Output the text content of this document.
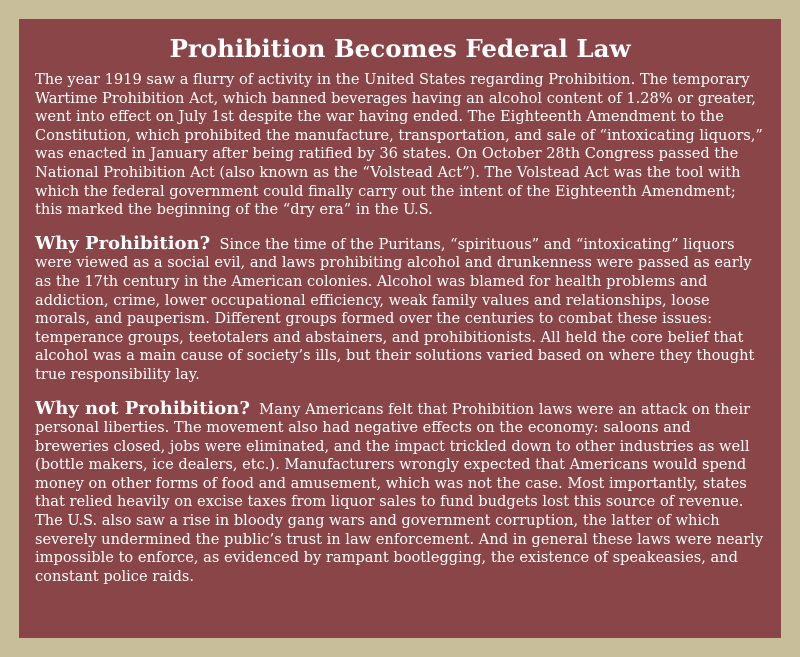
Prohibition Becomes Federal Law

The year 1919 saw a flurry of activity in the United States regarding Prohibition. The temporary Wartime Prohibition Act, which banned beverages having an alcohol content of 1.28% or greater, went into effect on July 1st despite the war having ended. The Eighteenth Amendment to the Constitution, which prohibited the manufacture, transportation, and sale of “intoxicating liquors,” was enacted in January after being ratified by 36 states. On October 28th Congress passed the National Prohibition Act (also known as the “Volstead Act”). The Volstead Act was the tool with which the federal government could finally carry out the intent of the Eighteenth Amendment; this marked the beginning of the “dry era” in the U.S.

Why Prohibition? Since the time of the Puritans, “spirituous” and “intoxicating” liquors were viewed as a social evil, and laws prohibiting alcohol and drunkenness were passed as early as the 17th century in the American colonies. Alcohol was blamed for health problems and addiction, crime, lower occupational efficiency, weak family values and relationships, loose morals, and pauperism. Different groups formed over the centuries to combat these issues: temperance groups, teetotalers and abstainers, and prohibitionists. All held the core belief that alcohol was a main cause of society’s ills, but their solutions varied based on where they thought true responsibility lay.

Why not Prohibition? Many Americans felt that Prohibition laws were an attack on their personal liberties. The movement also had negative effects on the economy: saloons and breweries closed, jobs were eliminated, and the impact trickled down to other industries as well (bottle makers, ice dealers, etc.). Manufacturers wrongly expected that Americans would spend money on other forms of food and amusement, which was not the case. Most importantly, states that relied heavily on excise taxes from liquor sales to fund budgets lost this source of revenue. The U.S. also saw a rise in bloody gang wars and government corruption, the latter of which severely undermined the public’s trust in law enforcement. And in general these laws were nearly impossible to enforce, as evidenced by rampant bootlegging, the existence of speakeasies, and constant police raids.
